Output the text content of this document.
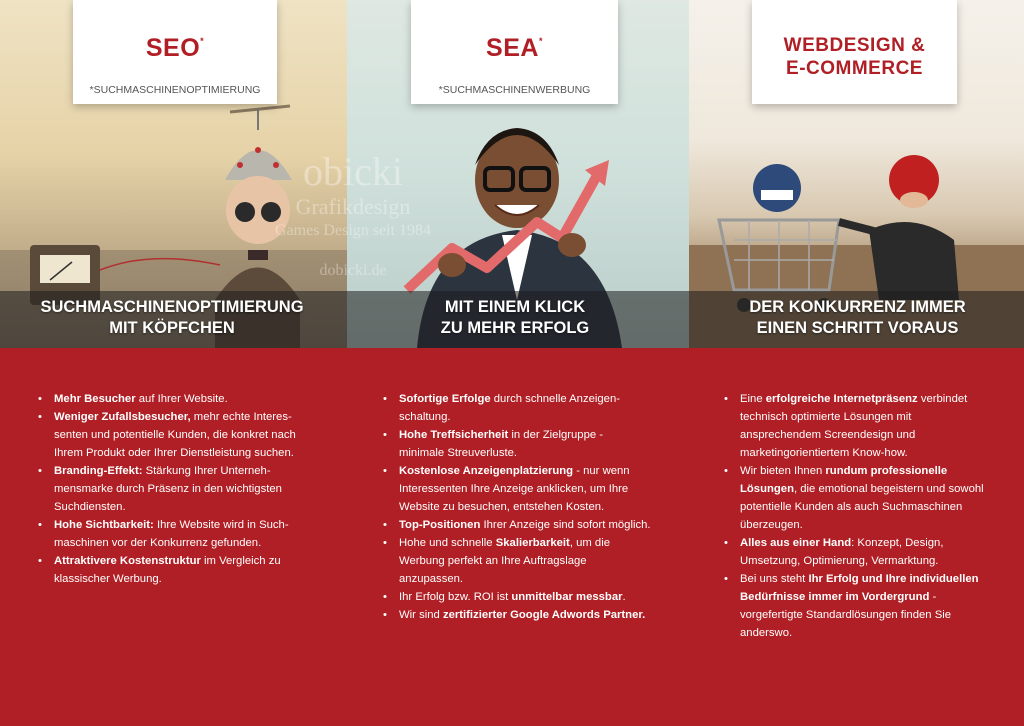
obicki
Grafikdesign
Games Design seit 1984
dobicki.de
SUCHMASCHINENOPTIMIERUNG
MIT KÖPFCHEN
MIT EINEM KLICK
ZU MEHR ERFOLG
DER KONKURRENZ IMMER
EINEN SCHRITT VORAUS
SEO*
*SUCHMASCHINENOPTIMIERUNG
SEA*
*SUCHMASCHINENWERBUNG
WEBDESIGN &
E-COMMERCE
• Mehr Besucher auf Ihrer Website.
• Weniger Zufallsbesucher, mehr echte Interessenten und potentielle Kunden, die konkret nach Ihrem Produkt oder Ihrer Dienstleistung suchen.
• Branding-Effekt: Stärkung Ihrer Unternehmensmarke durch Präsenz in den wichtigsten Suchdiensten.
• Hohe Sichtbarkeit: Ihre Website wird in Suchmaschinen vor der Konkurrenz gefunden.
• Attraktivere Kostenstruktur im Vergleich zu klassischer Werbung.
• Sofortige Erfolge durch schnelle Anzeigenschaltung.
• Hohe Treffsicherheit in der Zielgruppe - minimale Streuverluste.
• Kostenlose Anzeigenplatzierung - nur wenn Interessenten Ihre Anzeige anklicken, um Ihre Website zu besuchen, entstehen Kosten.
• Top-Positionen Ihrer Anzeige sind sofort möglich.
• Hohe und schnelle Skalierbarkeit, um die Werbung perfekt an Ihre Auftragslage anzupassen.
• Ihr Erfolg bzw. ROI ist unmittelbar messbar.
• Wir sind zertifizierter Google Adwords Partner.
• Eine erfolgreiche Internetpräsenz verbindet technisch optimierte Lösungen mit ansprechendem Screendesign und marketingorientiertem Know-how.
• Wir bieten Ihnen rundum professionelle Lösungen, die emotional begeistern und sowohl potentielle Kunden als auch Suchmaschinen überzeugen.
• Alles aus einer Hand: Konzept, Design, Umsetzung, Optimierung, Vermarktung.
• Bei uns steht Ihr Erfolg und Ihre individuellen Bedürfnisse immer im Vordergrund - vorgefertigte Standardlösungen finden Sie anderswo.
